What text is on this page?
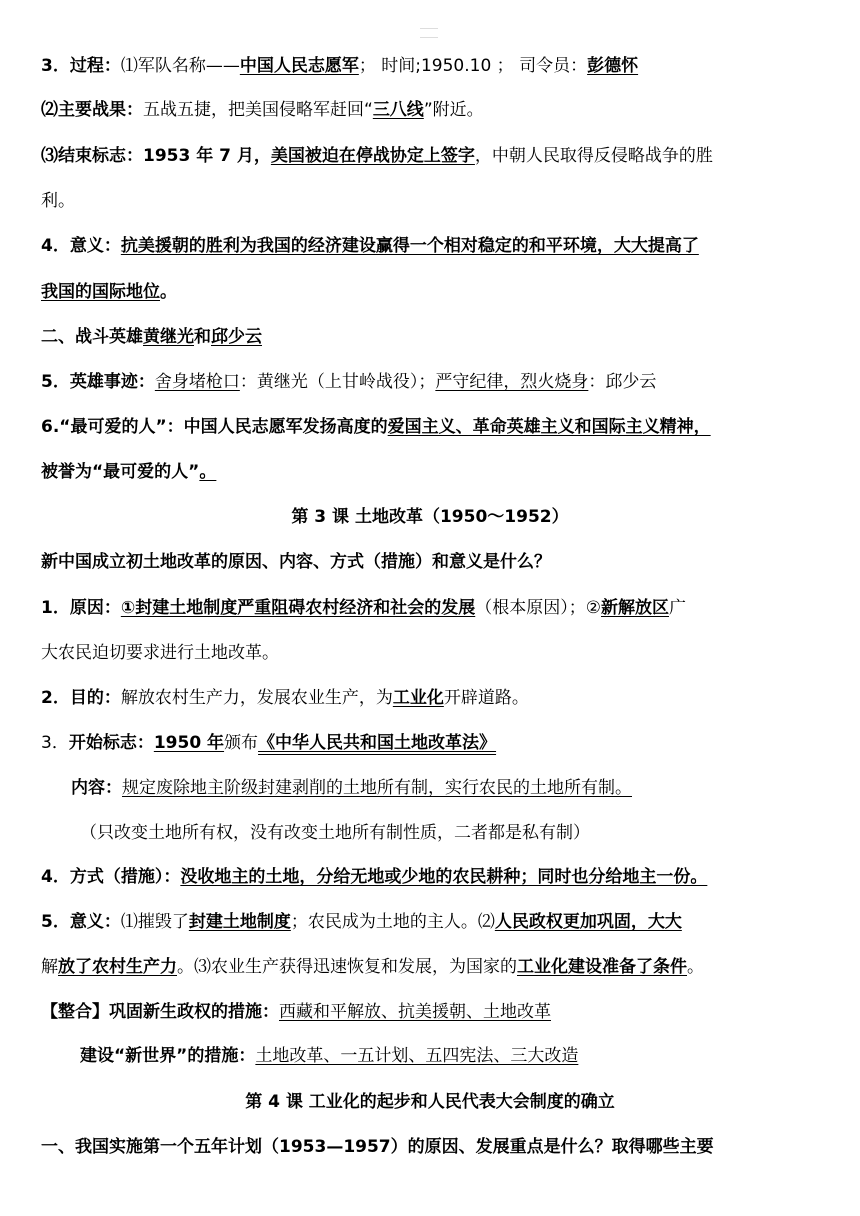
3．过程：⑴军队名称——中国人民志愿军； 时间;1950.10 ； 司令员：彭德怀
⑵主要战果：五战五捷，把美国侵略军赶回“三八线”附近。
⑶结束标志：1953 年 7 月，美国被迫在停战协定上签字，中朝人民取得反侵略战争的胜
利。
4．意义：抗美援朝的胜利为我国的经济建设赢得一个相对稳定的和平环境，大大提高了
我国的国际地位。
二、战斗英雄黄继光和邱少云
5．英雄事迹：舍身堵枪口：黄继光（上甘岭战役）；严守纪律，烈火烧身：邱少云
6.“最可爱的人”：中国人民志愿军发扬高度的爱国主义、革命英雄主义和国际主义精神，
被誉为“最可爱的人”。
第 3 课 土地改革（1950～1952）
新中国成立初土地改革的原因、内容、方式（措施）和意义是什么？
1．原因：①封建土地制度严重阻碍农村经济和社会的发展（根本原因）；②新解放区广
大农民迫切要求进行土地改革。
2．目的：解放农村生产力，发展农业生产，为工业化开辟道路。
3．开始标志：1950 年颁布《中华人民共和国土地改革法》
内容：规定废除地主阶级封建剥削的土地所有制，实行农民的土地所有制。
（只改变土地所有权，没有改变土地所有制性质，二者都是私有制）
4．方式（措施）：没收地主的土地，分给无地或少地的农民耕种；同时也分给地主一份。
5．意义：⑴摧毁了封建土地制度；农民成为土地的主人。⑵人民政权更加巩固，大大
解放了农村生产力。⑶农业生产获得迅速恢复和发展，为国家的工业化建设准备了条件。
【整合】巩固新生政权的措施：西藏和平解放、抗美援朝、土地改革
建设“新世界”的措施：土地改革、一五计划、五四宪法、三大改造
第 4 课 工业化的起步和人民代表大会制度的确立
一、我国实施第一个五年计划（1953—1957）的原因、发展重点是什么？取得哪些主要
